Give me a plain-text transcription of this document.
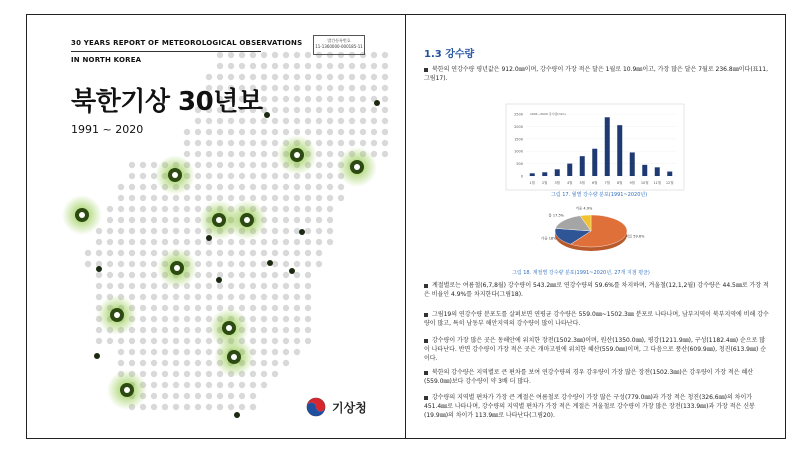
30 YEARS REPORT OF METEOROLOGICAL OBSERVATIONS
IN NORTH KOREA
발간등록번호
11-1360000-000185-11
북한기상 30년보
1991 ~ 2020
기상청
1.3 강수량
북한의 연강수량 평년값은 912.0㎜이며, 강수량이 가장 적은 달은 1월로 10.9㎜이고, 가장 많은 달은 7월로 236.8㎜이다(표11, 그림17).
2500
2000
1500
1000
500
0
1991~2020 강수량(mm)
1월 2월 3월 4월 5월 6월 7월 8월 9월 10월 11월 12월
그림 17. 월별 강수량 분포(1991~2020년)
여름 59.6%
가을 18%
봄 17.5%
겨울 4.9%
그림 18. 계절별 강수량 분포(1991~2020년, 27개 지점 평균)
계절별로는 여름철(6,7,8월) 강수량이 543.2㎜로 연강수량의 59.6%를 차지하며, 겨울철(12,1,2월) 강수량은 44.5㎜로 가장 적은 비율인 4.9%를 차지한다(그림18).
그림19의 연강수량 분포도를 살펴보면 연평균 강수량은 559.0㎜~1502.3㎜ 분포로 나타나며, 남부지역이 북부지역에 비해 강수량이 많고, 특히 남동부 해안지역의 강수량이 많이 나타난다.
강수량이 가장 많은 곳은 동해안에 위치한 장전(1502.3㎜)이며, 원산(1350.0㎜), 평강(1211.9㎜), 구성(1182.4㎜) 순으로 많이 나타난다. 반면 강수량이 가장 적은 곳은 개마고원에 위치한 혜산(559.0㎜)이며, 그 다음으로 풍산(609.9㎜), 청진(613.9㎜) 순이다.
북한의 강수량은 지역별로 큰 편차를 보여 연강수량의 경우 강우량이 가장 많은 장전(1502.3㎜)은 강우량이 가장 적은 혜산(559.0㎜)보다 강수량이 약 3배 더 많다.
강수량의 지역별 편차가 가장 큰 계절은 여름철로 강수량이 가장 많은 구성(779.0㎜)과 가장 적은 청진(326.6㎜)의 차이가 451.4㎜로 나타나며, 강수량의 지역별 편차가 가장 적은 계절은 겨울철로 강수량이 가장 많은 장전(133.9㎜)과 가장 적은 신봉(19.9㎜)의 차이가 113.9㎜로 나타난다(그림20).
